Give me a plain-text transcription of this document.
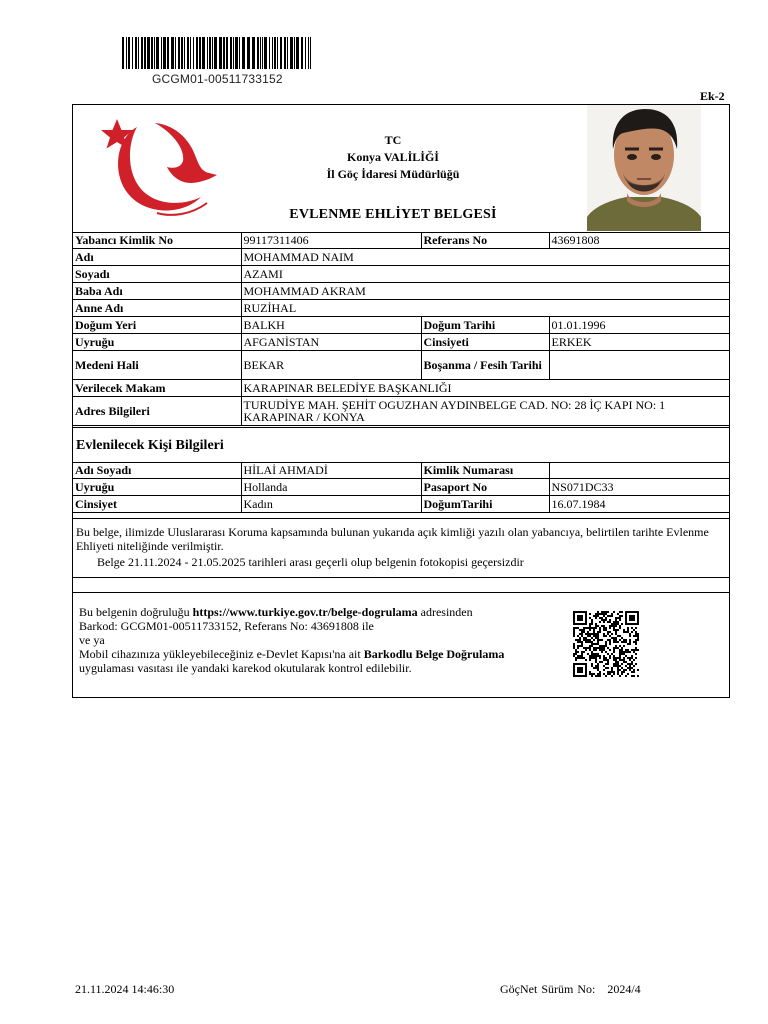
GCGM01-00511733152
Ek-2
TC
Konya VALİLİĞİ
İl Göç İdaresi Müdürlüğü
EVLENME EHLİYET BELGESİ
Yabancı Kimlik No	99117311406	Referans No	43691808
Adı	MOHAMMAD NAIM		
Soyadı	AZAMI		
Baba Adı	MOHAMMAD AKRAM		
Anne Adı	RUZİHAL		
Doğum Yeri	BALKH	Doğum Tarihi	01.01.1996
Uyruğu	AFGANİSTAN	Cinsiyeti	ERKEK
Medeni Hali	BEKAR	Boşanma / Fesih Tarihi	
Verilecek Makam	KARAPINAR BELEDİYE BAŞKANLIĞI		
Adres Bilgileri	TURUDİYE MAH. ŞEHİT OGUZHAN AYDINBELGE CAD. NO: 28 İÇ KAPI NO: 1 KARAPINAR / KONYA		
Evlenilecek Kişi Bilgileri
Adı Soyadı	HİLAİ AHMADİ	Kimlik Numarası	
Uyruğu	Hollanda	Pasaport No	NS071DC33
Cinsiyet	Kadın	DoğumTarihi	16.07.1984
Bu belge, ilimizde Uluslararası Koruma kapsamında bulunan yukarıda açık kimliği yazılı olan yabancıya, belirtilen tarihte Evlenme Ehliyeti niteliğinde verilmiştir.
Belge 21.11.2024 - 21.05.2025 tarihleri arası geçerli olup belgenin fotokopisi geçersizdir
Bu belgenin doğruluğu https://www.turkiye.gov.tr/belge-dogrulama adresinden
Barkod: GCGM01-00511733152, Referans No: 43691808 ile
ve ya
Mobil cihazınıza yükleyebileceğiniz e-Devlet Kapısı'na ait Barkodlu Belge Doğrulama
uygulaması vasıtası ile yandaki karekod okutularak kontrol edilebilir.
21.11.2024 14:46:30	GöçNet Sürüm No: 2024/4
